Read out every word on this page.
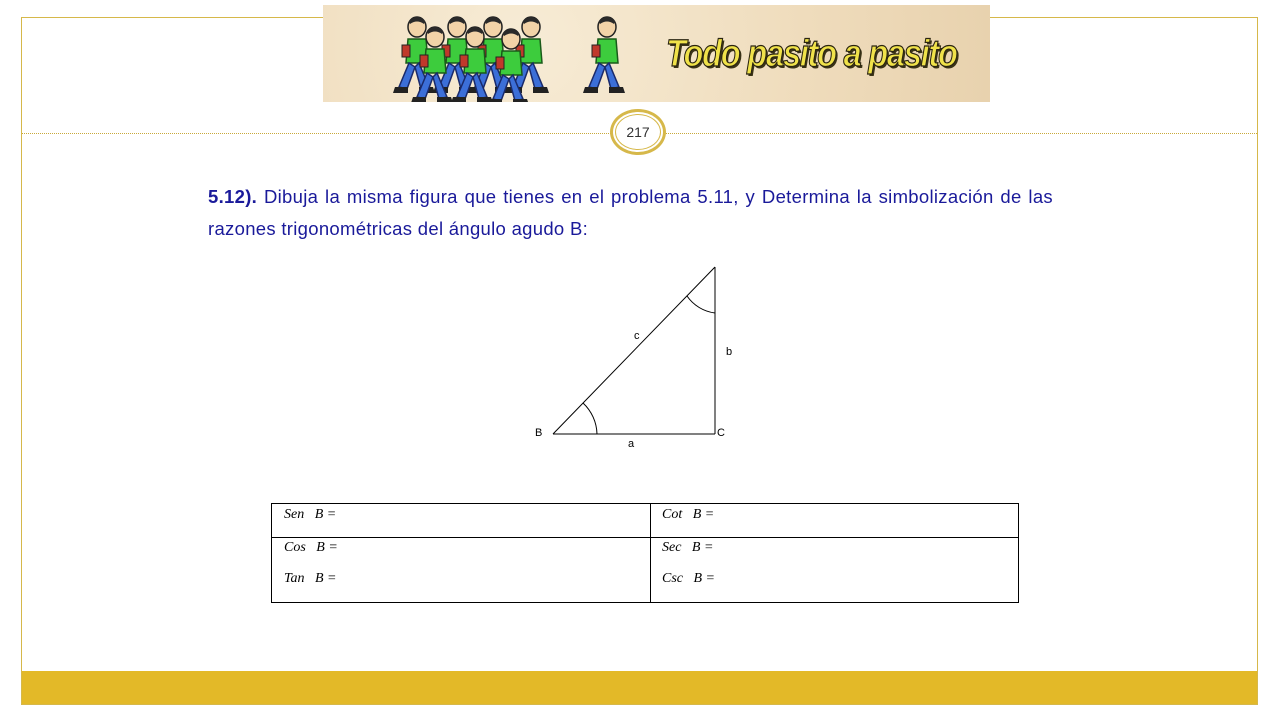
Todo pasito a pasito
217
5.12). Dibuja la misma figura que tienes en el problema 5.11, y Determina la simbolización de las razones trigonométricas del ángulo agudo B:
B	C
a
b
c
Sen   B =	Cot   B =
Cos   B =	Sec   B =
Tan   B =	Csc   B =
